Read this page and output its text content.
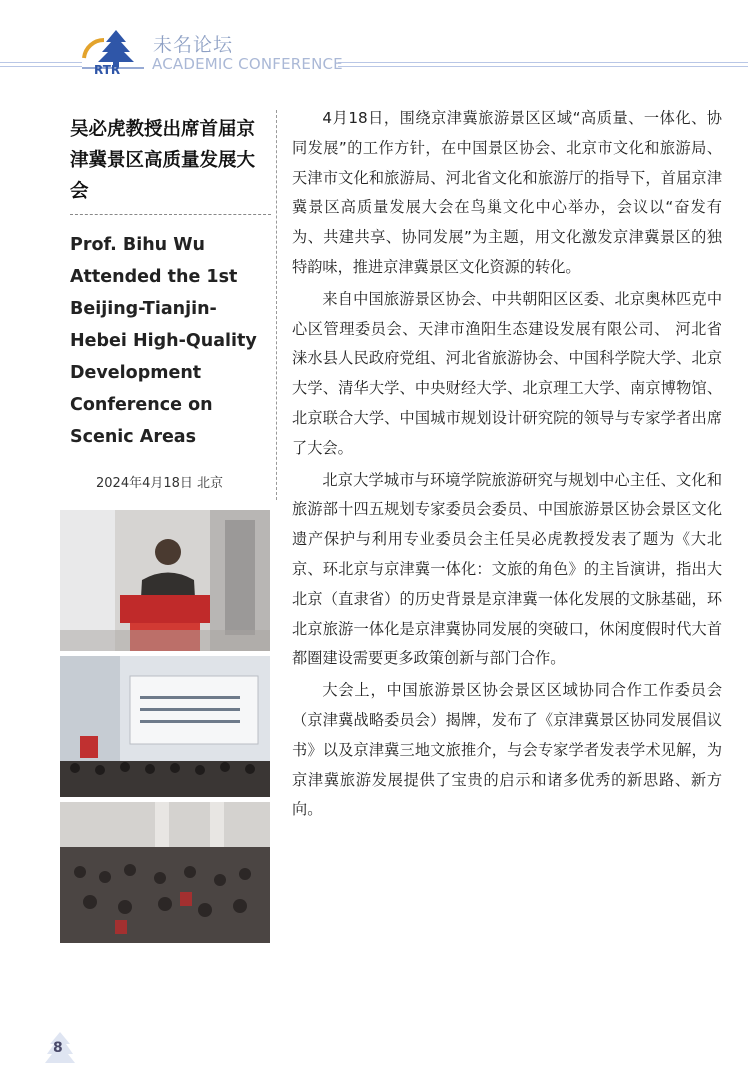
RTR
未名论坛
ACADEMIC CONFERENCE
吴必虎教授出席首届京津冀景区高质量发展大会
Prof. Bihu Wu Attended the 1st Beijing-Tianjin-Hebei High-Quality Development Conference on Scenic Areas
2024年4月18日 北京

4月18日，围绕京津冀旅游景区区域“高质量、一体化、协同发展”的工作方针，在中国景区协会、北京市文化和旅游局、天津市文化和旅游局、河北省文化和旅游厅的指导下，首届京津冀景区高质量发展大会在鸟巢文化中心举办，会议以“奋发有为、共建共享、协同发展”为主题，用文化激发京津冀景区的独特韵味，推进京津冀景区文化资源的转化。

来自中国旅游景区协会、中共朝阳区区委、北京奥林匹克中心区管理委员会、天津市渔阳生态建设发展有限公司、 河北省涞水县人民政府党组、河北省旅游协会、中国科学院大学、北京大学、清华大学、中央财经大学、北京理工大学、南京博物馆、北京联合大学、中国城市规划设计研究院的领导与专家学者出席了大会。

北京大学城市与环境学院旅游研究与规划中心主任、文化和旅游部十四五规划专家委员会委员、中国旅游景区协会景区文化遗产保护与利用专业委员会主任吴必虎教授发表了题为《大北京、环北京与京津冀一体化：文旅的角色》的主旨演讲，指出大北京（直隶省）的历史背景是京津冀一体化发展的文脉基础，环北京旅游一体化是京津冀协同发展的突破口，休闲度假时代大首都圈建设需要更多政策创新与部门合作。

大会上，中国旅游景区协会景区区域协同合作工作委员会（京津冀战略委员会）揭牌，发布了《京津冀景区协同发展倡议书》以及京津冀三地文旅推介，与会专家学者发表学术见解，为京津冀旅游发展提供了宝贵的启示和诸多优秀的新思路、新方向。

8
